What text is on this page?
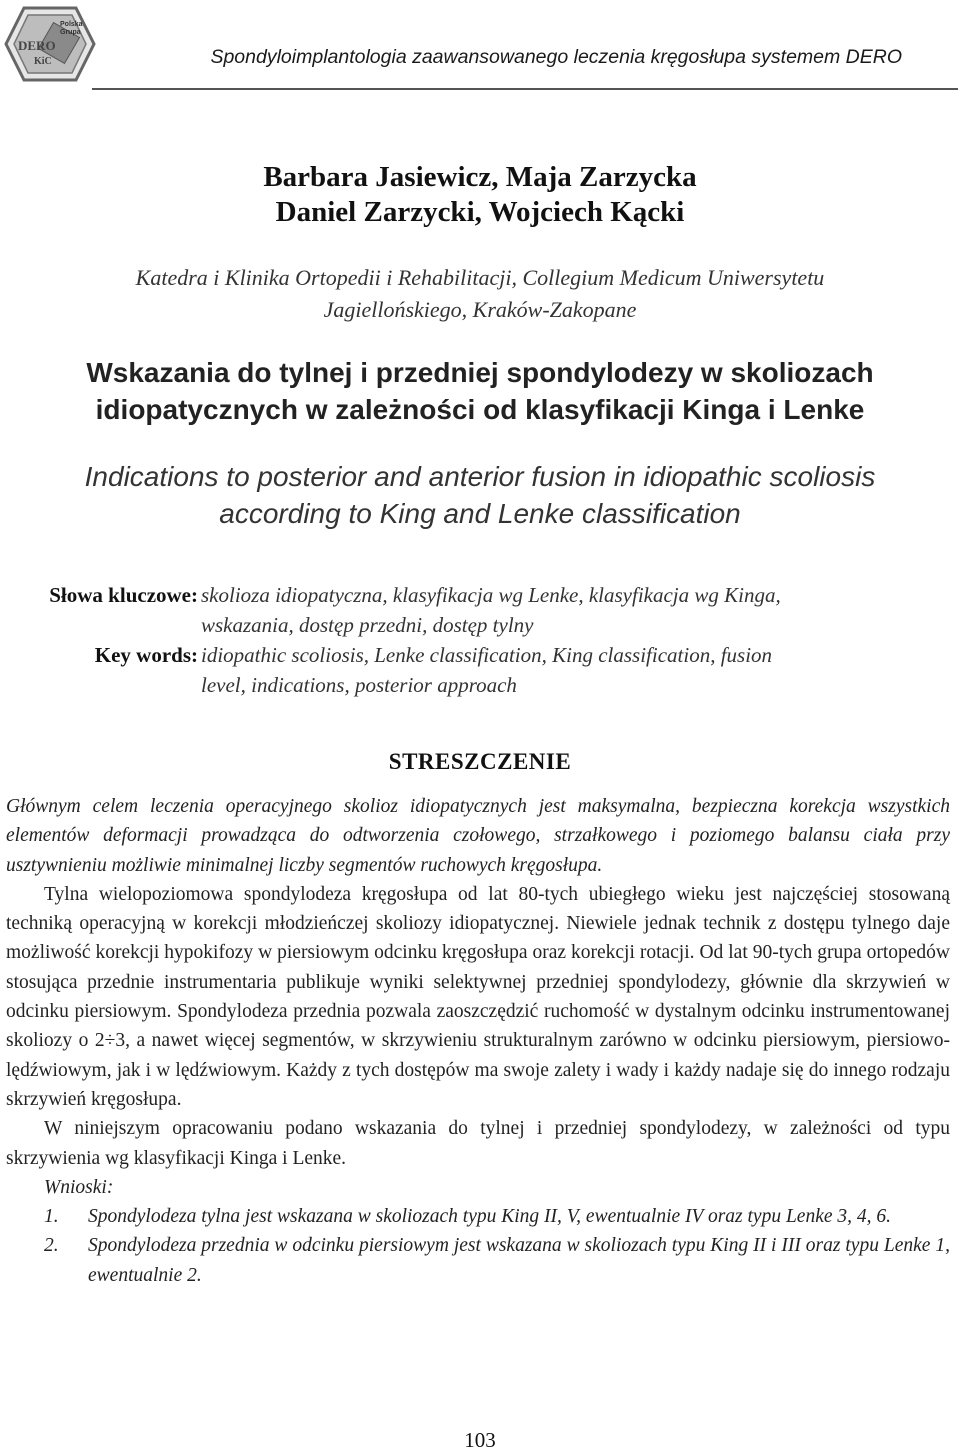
Polska
Grupa
DERO
KiC	Spondyloimplantologia zaawansowanego leczenia kręgosłupa systemem DERO
Barbara Jasiewicz, Maja Zarzycka
Daniel Zarzycki, Wojciech Kącki
Katedra i Klinika Ortopedii i Rehabilitacji, Collegium Medicum Uniwersytetu
Jagiellońskiego, Kraków-Zakopane
Wskazania do tylnej i przedniej spondylodezy w skoliozach
idiopatycznych w zależności od klasyfikacji Kinga i Lenke
Indications to posterior and anterior fusion in idiopathic scoliosis
according to King and Lenke classification
Słowa kluczowe: skolioza idiopatyczna, klasyfikacja wg Lenke, klasyfikacja wg Kinga,
wskazania, dostęp przedni, dostęp tylny
Key words: idiopathic scoliosis, Lenke classification, King classification, fusion
level, indications, posterior approach
STRESZCZENIE

Głównym celem leczenia operacyjnego skolioz idiopatycznych jest maksymalna, bezpieczna korekcja wszystkich elementów deformacji prowadząca do odtworzenia czołowego, strzałkowego i poziomego balansu ciała przy usztywnieniu możliwie minimalnej liczby segmentów ruchowych kręgosłupa.

Tylna wielopoziomowa spondylodeza kręgosłupa od lat 80-tych ubiegłego wieku jest najczęściej stosowaną techniką operacyjną w korekcji młodzieńczej skoliozy idiopatycznej. Niewiele jednak technik z dostępu tylnego daje możliwość korekcji hypokifozy w piersiowym odcinku kręgosłupa oraz korekcji rotacji. Od lat 90-tych grupa ortopedów stosująca przednie instrumentaria publikuje wyniki selektywnej przedniej spondylodezy, głównie dla skrzywień w odcinku piersiowym. Spondylodeza przednia pozwala zaoszczędzić ruchomość w dystalnym odcinku instrumentowanej skoliozy o 2÷3, a nawet więcej segmentów, w skrzywieniu strukturalnym zarówno w odcinku piersiowym, piersiowo-lędźwiowym, jak i w lędźwiowym. Każdy z tych dostępów ma swoje zalety i wady i każdy nadaje się do innego rodzaju skrzywień kręgosłupa.

W niniejszym opracowaniu podano wskazania do tylnej i przedniej spondylodezy, w zależności od typu skrzywienia wg klasyfikacji Kinga i Lenke.

Wnioski:
1.	Spondylodeza tylna jest wskazana w skoliozach typu King II, V, ewentualnie IV oraz typu Lenke 3, 4, 6.
2.	Spondylodeza przednia w odcinku piersiowym jest wskazana w skoliozach typu King II i III oraz typu Lenke 1, ewentualnie 2.
103
